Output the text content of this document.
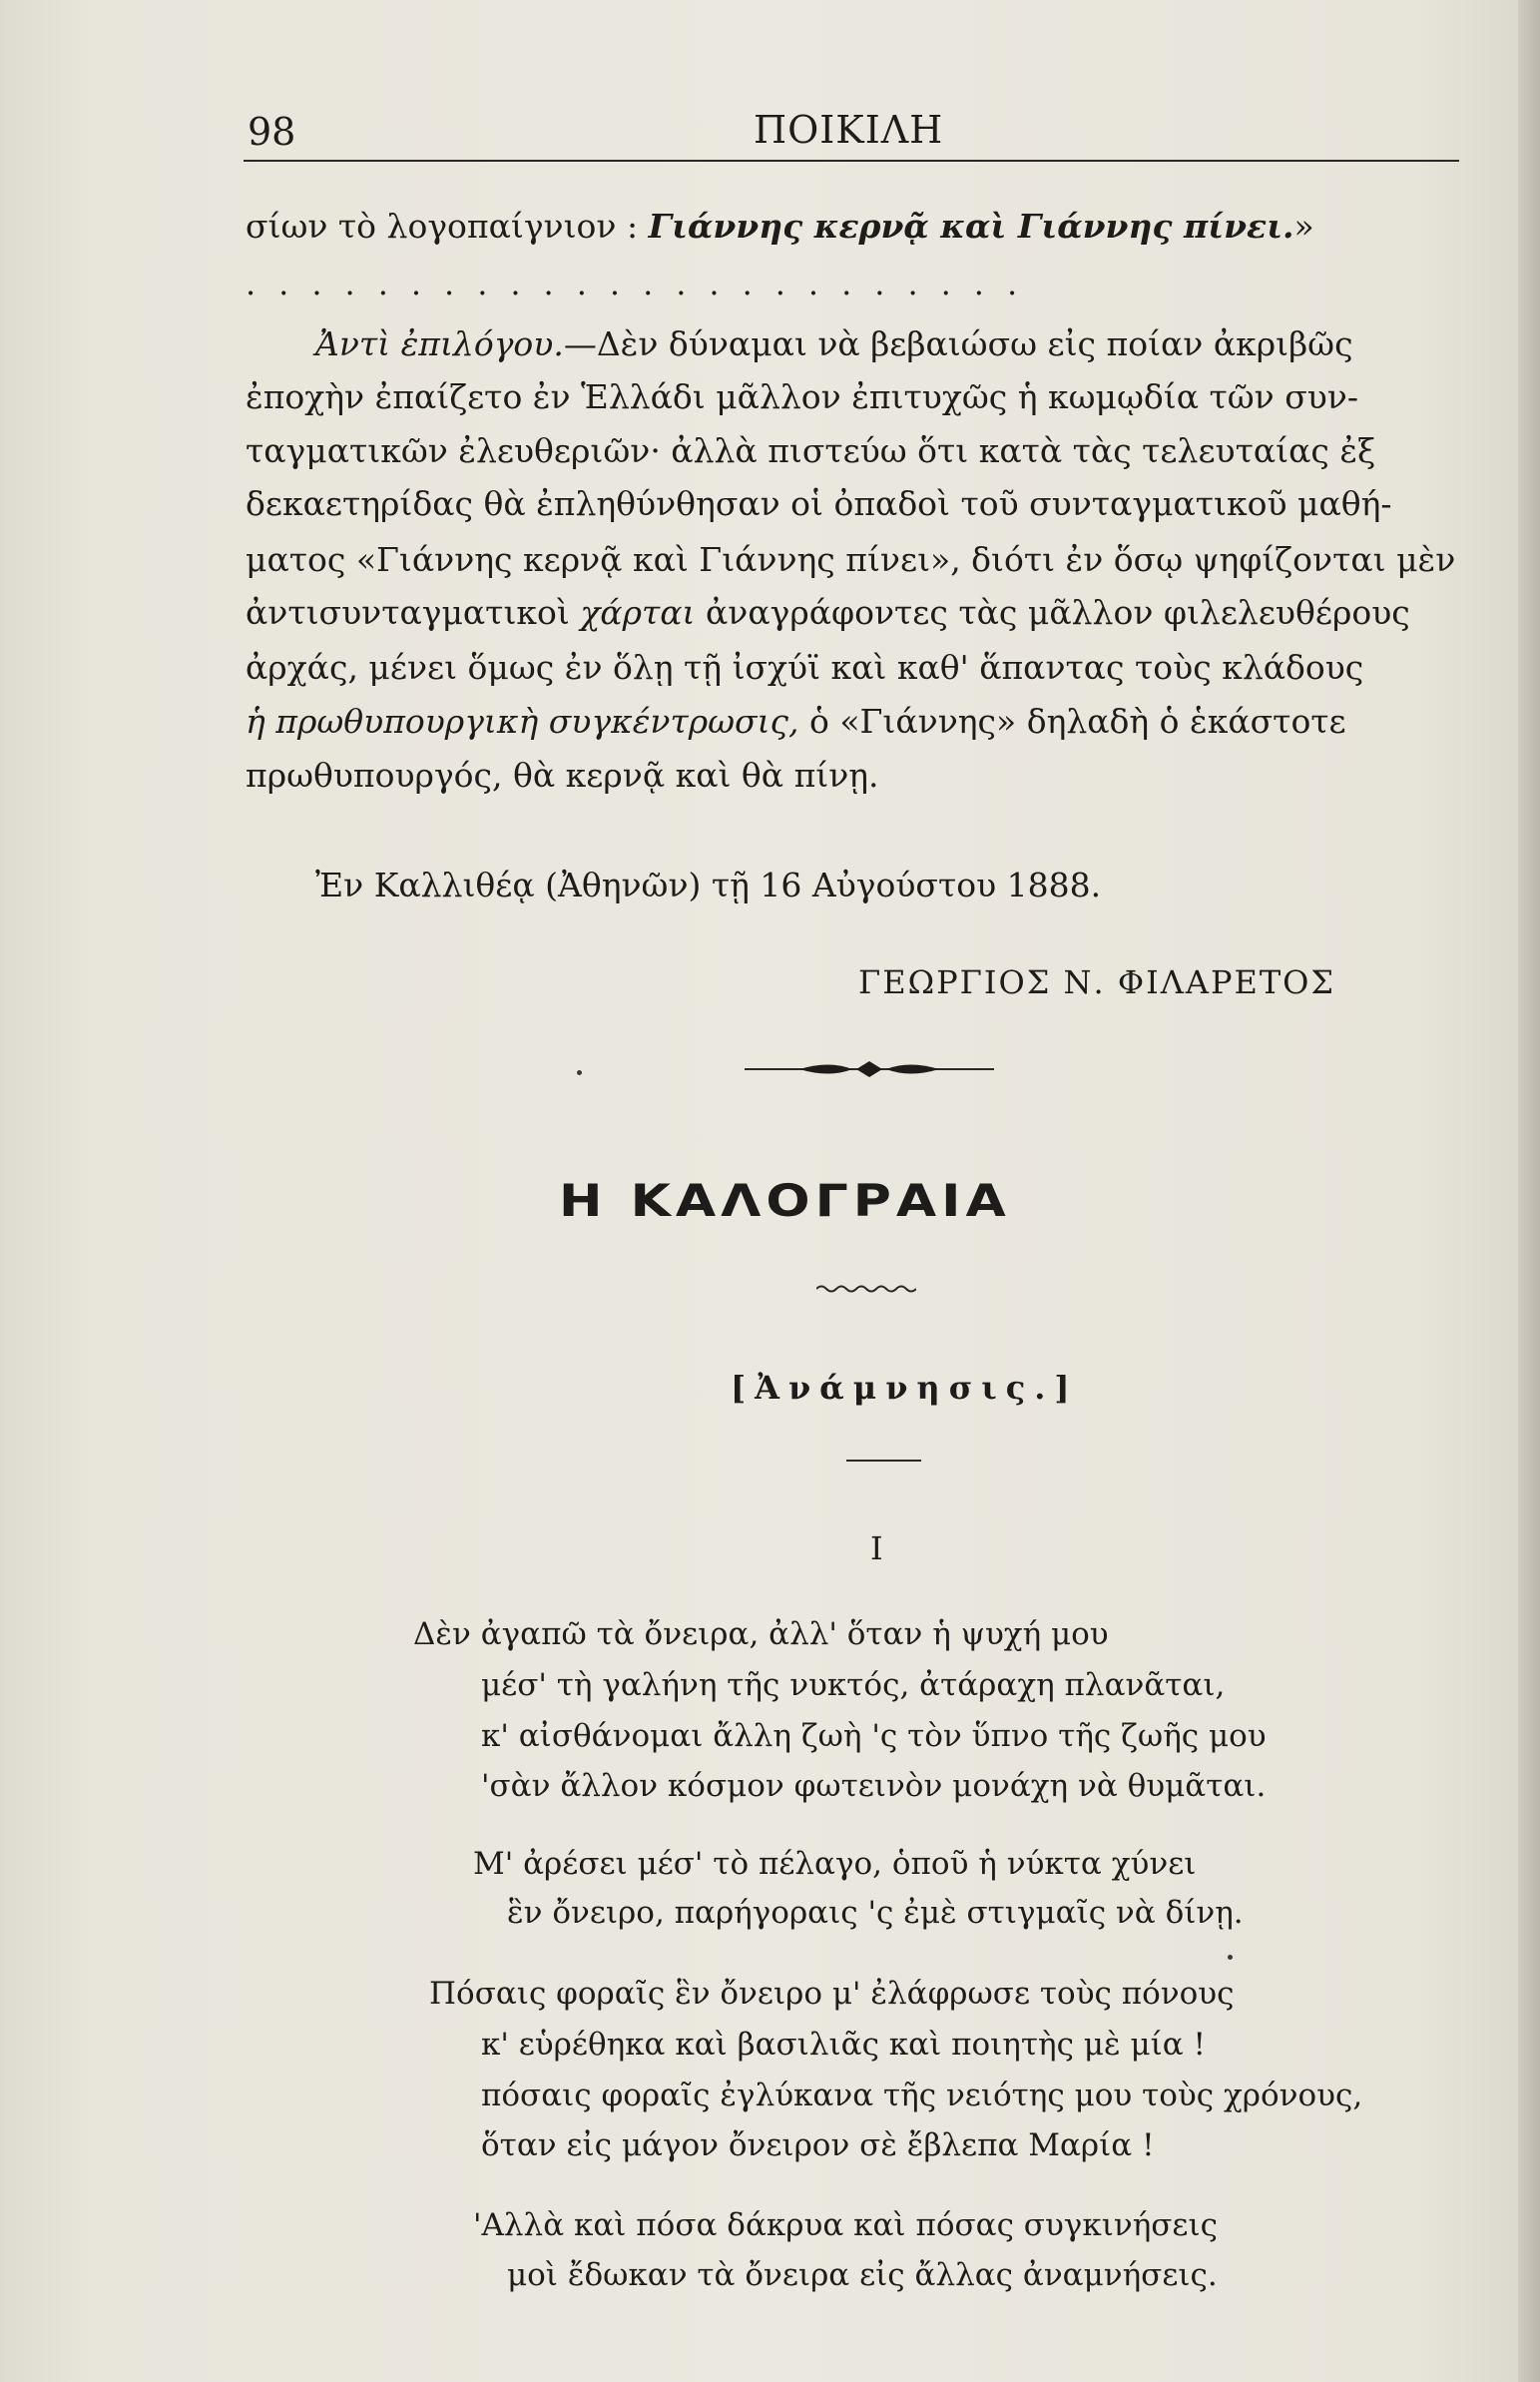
98	ΠΟΙΚΙΛΗ
σίων τὸ λογοπαίγνιον : Γιάννης κερνᾷ καὶ Γιάννης πίνει.»
........................
Ἀντὶ ἐπιλόγου.—Δὲν δύναμαι νὰ βεβαιώσω εἰς ποίαν ἀκριβῶς
ἐποχὴν ἐπαίζετο ἐν Ἑλλάδι μᾶλλον ἐπιτυχῶς ἡ κωμῳδία τῶν συν-
ταγματικῶν ἐλευθεριῶν· ἀλλὰ πιστεύω ὅτι κατὰ τὰς τελευταίας ἐξ
δεκαετηρίδας θὰ ἐπληθύνθησαν οἱ ὀπαδοὶ τοῦ συνταγματικοῦ μαθή-
ματος «Γιάννης κερνᾷ καὶ Γιάννης πίνει», διότι ἐν ὅσῳ ψηφίζονται μὲν
ἀντισυνταγματικοὶ χάρται ἀναγράφοντες τὰς μᾶλλον φιλελευθέρους
ἀρχάς, μένει ὅμως ἐν ὅλῃ τῇ ἰσχύϊ καὶ καθ' ἅπαντας τοὺς κλάδους
ἡ πρωθυπουργικὴ συγκέντρωσις, ὁ «Γιάννης» δηλαδὴ ὁ ἑκάστοτε
πρωθυπουργός, θὰ κερνᾷ καὶ θὰ πίνῃ.
Ἐν Καλλιθέᾳ (Ἀθηνῶν) τῇ 16 Αὐγούστου 1888.
ΓΕΩΡΓΙΟΣ Ν. ΦΙΛΑΡΕΤΟΣ
Η ΚΑΛΟΓΡΑΙΑ
[Ἀνάμνησις.]
I
Δὲν ἀγαπῶ τὰ ὄνειρα, ἀλλ' ὅταν ἡ ψυχή μου
μέσ' τὴ γαλήνη τῆς νυκτός, ἀτάραχη πλανᾶται,
κ' αἰσθάνομαι ἄλλη ζωὴ 'ς τὸν ὕπνο τῆς ζωῆς μου
'σὰν ἄλλον κόσμον φωτεινὸν μονάχη νὰ θυμᾶται.
Μ' ἀρέσει μέσ' τὸ πέλαγο, ὁποῦ ἡ νύκτα χύνει
ἓν ὄνειρο, παρήγοραις 'ς ἐμὲ στιγμαῖς νὰ δίνῃ.
Πόσαις φοραῖς ἓν ὄνειρο μ' ἐλάφρωσε τοὺς πόνους
κ' εὑρέθηκα καὶ βασιλιᾶς καὶ ποιητὴς μὲ μία !
πόσαις φοραῖς ἐγλύκανα τῆς νειότης μου τοὺς χρόνους,
ὅταν εἰς μάγον ὄνειρον σὲ ἔβλεπα Μαρία !
'Αλλὰ καὶ πόσα δάκρυα καὶ πόσας συγκινήσεις
μοὶ ἔδωκαν τὰ ὄνειρα εἰς ἄλλας ἀναμνήσεις.
